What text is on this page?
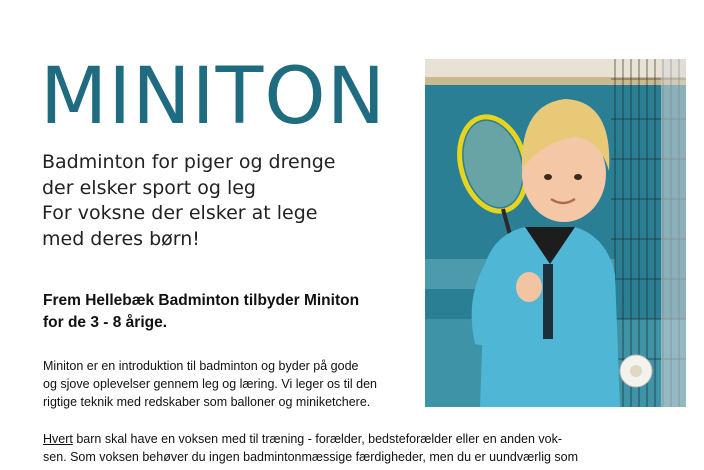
MINITON
Badminton for piger og drenge
der elsker sport og leg
For voksne der elsker at lege
med deres børn!
Frem Hellebæk Badminton tilbyder Miniton
for de 3 - 8 årige.
Miniton er en introduktion til badminton og byder på gode
og sjove oplevelser gennem leg og læring. Vi leger os til den
rigtige teknik med redskaber som balloner og miniketchere.
Hvert barn skal have en voksen med til træning - forælder, bedsteforælder eller en anden vok-
sen. Som voksen behøver du ingen badmintonmæssige færdigheder, men du er uundværlig som
